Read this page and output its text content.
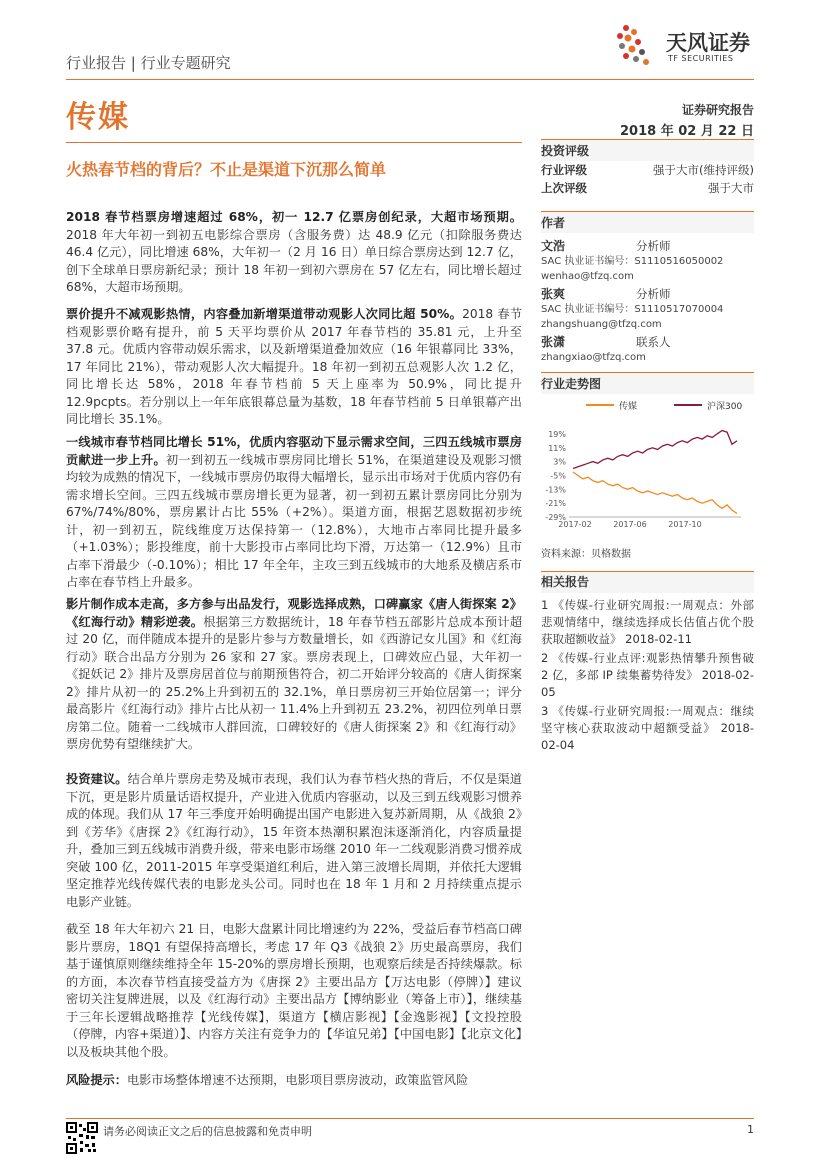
行业报告 | 行业专题研究
天风证券
TF SECURITIES
传媒	证券研究报告
2018 年 02 月 22 日
火热春节档的背后？不止是渠道下沉那么简单

2018 春节档票房增速超过 68%，初一 12.7 亿票房创纪录，大超市场预期。2018 年大年初一到初五电影综合票房（含服务费）达 48.9 亿元（扣除服务费达 46.4 亿元），同比增速 68%，大年初一（2 月 16 日）单日综合票房达到 12.7 亿，创下全球单日票房新纪录；预计 18 年初一到初六票房在 57 亿左右，同比增长超过 68%，大超市场预期。

票价提升不减观影热情，内容叠加新增渠道带动观影人次同比超 50%。2018 春节档观影票价略有提升，前 5 天平均票价从 2017 年春节档的 35.81 元，上升至 37.8 元。优质内容带动娱乐需求，以及新增渠道叠加效应（16 年银幕同比 33%，17 年同比 21%），带动观影人次大幅提升。18 年初一到初五总观影人次 1.2 亿，同比增长达 58%，2018 年春节档前 5 天上座率为 50.9%，同比提升 12.9pcpts。若分别以上一年年底银幕总量为基数，18 年春节档前 5 日单银幕产出同比增长 35.1%。

一线城市春节档同比增长 51%，优质内容驱动下显示需求空间，三四五线城市票房贡献进一步上升。初一到初五一线城市票房同比增长 51%，在渠道建设及观影习惯均较为成熟的情况下，一线城市票房仍取得大幅增长，显示出市场对于优质内容仍有需求增长空间。三四五线城市票房增长更为显著，初一到初五累计票房同比分别为 67%/74%/80%，票房累计占比 55%（+2%）。渠道方面，根据艺恩数据初步统计，初一到初五，院线维度万达保持第一（12.8%），大地市占率同比提升最多（+1.03%）；影投维度，前十大影投市占率同比均下滑，万达第一（12.9%）且市占率下滑最少（-0.10%）；相比 17 年全年，主攻三到五线城市的大地系及横店系市占率在春节档上升最多。

影片制作成本走高，多方参与出品发行，观影选择成熟，口碑赢家《唐人街探案 2》《红海行动》精彩逆袭。根据第三方数据统计，18 年春节档五部影片总成本预计超过 20 亿，而伴随成本提升的是影片参与方数量增长，如《西游记女儿国》和《红海行动》联合出品方分别为 26 家和 27 家。票房表现上，口碑效应凸显，大年初一《捉妖记 2》排片及票房居首位与前期预售符合，初二开始评分较高的《唐人街探案 2》排片从初一的 25.2%上升到初五的 32.1%，单日票房初三开始位居第一；评分最高影片《红海行动》排片占比从初一 11.4%上升到初五 23.2%，初四位列单日票房第二位。随着一二线城市人群回流，口碑较好的《唐人街探案 2》和《红海行动》票房优势有望继续扩大。

投资建议。结合单片票房走势及城市表现，我们认为春节档火热的背后，不仅是渠道下沉，更是影片质量话语权提升，产业进入优质内容驱动，以及三到五线观影习惯养成的体现。我们从 17 年三季度开始明确提出国产电影进入复苏新周期，从《战狼 2》到《芳华》《唐探 2》《红海行动》，15 年资本热潮积累泡沫逐渐消化，内容质量提升，叠加三到五线城市消费升级，带来电影市场继 2010 年一二线观影消费习惯养成突破 100 亿，2011-2015 年享受渠道红利后，进入第三波增长周期，并依托大逻辑坚定推荐光线传媒代表的电影龙头公司。同时也在 18 年 1 月和 2 月持续重点提示电影产业链。

截至 18 年大年初六 21 日，电影大盘累计同比增速约为 22%，受益后春节档高口碑影片票房，18Q1 有望保持高增长，考虑 17 年 Q3《战狼 2》历史最高票房，我们基于谨慎原则继续维持全年 15-20%的票房增长预期，也观察后续是否持续爆款。标的方面，本次春节档直接受益方为《唐探 2》主要出品方【万达电影（停牌）】建议密切关注复牌进展，以及《红海行动》主要出品方【博纳影业（筹备上市）】，继续基于三年长逻辑战略推荐【光线传媒】，渠道方【横店影视】【金逸影视】【文投控股（停牌，内容+渠道）】、内容方关注有竞争力的【华谊兄弟】【中国电影】【北京文化】以及板块其他个股。

风险提示：电影市场整体增速不达预期，电影项目票房波动，政策监管风险

投资评级
行业评级	强于大市(维持评级)
上次评级	强于大市
作者
文浩	分析师
SAC 执业证书编号：S1110516050002
wenhao@tfzq.com
张爽	分析师
SAC 执业证书编号：S1110517070004
zhangshuang@tfzq.com
张潇	联系人
zhangxiao@tfzq.com
行业走势图
传媒	沪深300
19%
11%
3%
-5%
-13%
-21%
-29%
2017-02	2017-06	2017-10
资料来源：贝格数据
相关报告
1 《传媒-行业研究周报:一周观点：外部悲观情绪中，继续选择成长估值占优个股获取超额收益》 2018-02-11
2 《传媒-行业点评:观影热情攀升预售破 2 亿，多部 IP 续集蓄势待发》 2018-02-05
3 《传媒-行业研究周报:一周观点：继续坚守核心获取波动中超额受益》 2018-02-04
请务必阅读正文之后的信息披露和免责申明	1
